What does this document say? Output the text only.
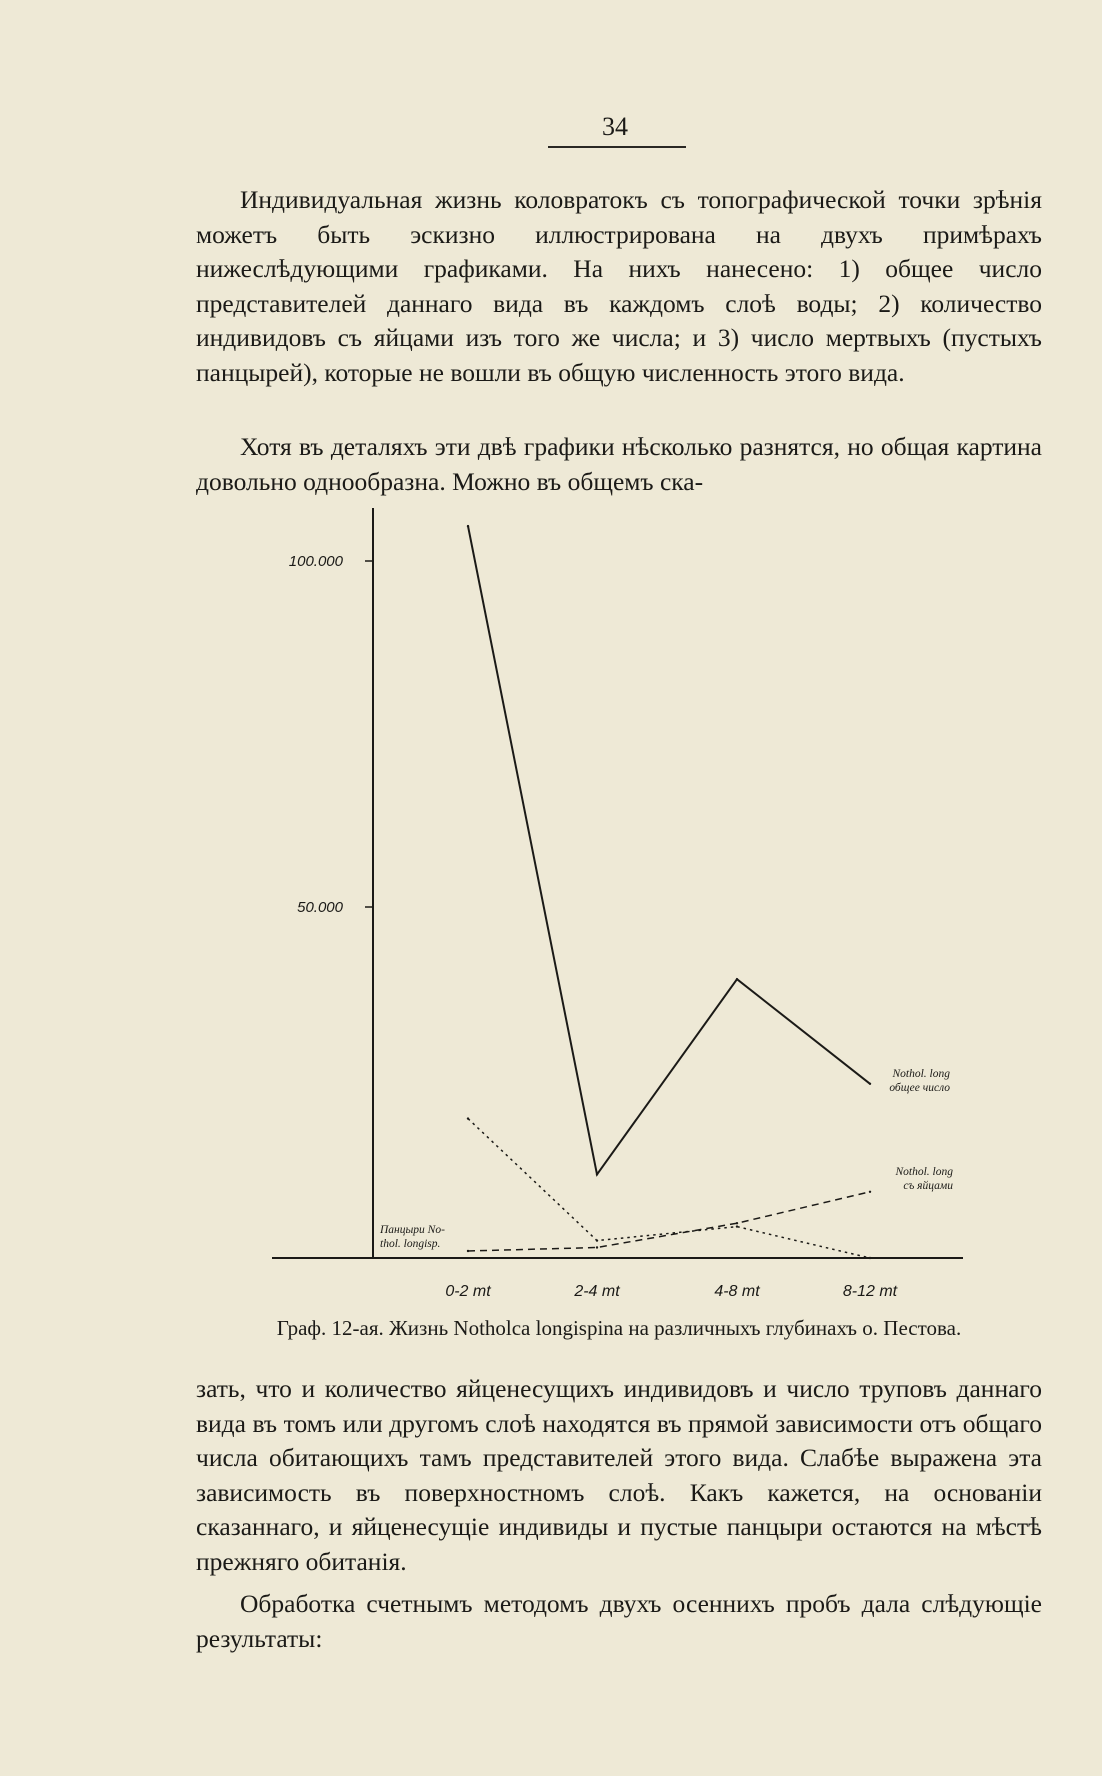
34

Индивидуальная жизнь коловратокъ съ топографической точки зрѣнія можетъ быть эскизно иллюстрирована на двухъ примѣрахъ нижеслѣдующими графиками. На нихъ нанесено: 1) общее число представителей даннаго вида въ каждомъ слоѣ воды; 2) количество индивидовъ съ яйцами изъ того же числа; и 3) число мертвыхъ (пустыхъ панцырей), которые не вошли въ общую численность этого вида.

Хотя въ деталяхъ эти двѣ графики нѣсколько разнятся, но общая картина довольно однообразна. Можно въ общемъ ска-

100.000
50.000
0-2 mt	2-4 mt	4-8 mt	8-12 mt
Nothol. long
общее число
Nothol. long
съ яйцами
Панцыри No-
thol. longisp.
Граф. 12-ая. Жизнь Notholca longispina на различныхъ глубинахъ о. Пестова.

зать, что и количество яйценесущихъ индивидовъ и число труповъ даннаго вида въ томъ или другомъ слоѣ находятся въ прямой зависимости отъ общаго числа обитающихъ тамъ представителей этого вида. Слабѣе выражена эта зависимость въ поверхностномъ слоѣ. Какъ кажется, на основаніи сказаннаго, и яйценесущіе индивиды и пустые панцыри остаются на мѣстѣ прежняго обитанія.

Обработка счетнымъ методомъ двухъ осеннихъ пробъ дала слѣдующіе результаты:
